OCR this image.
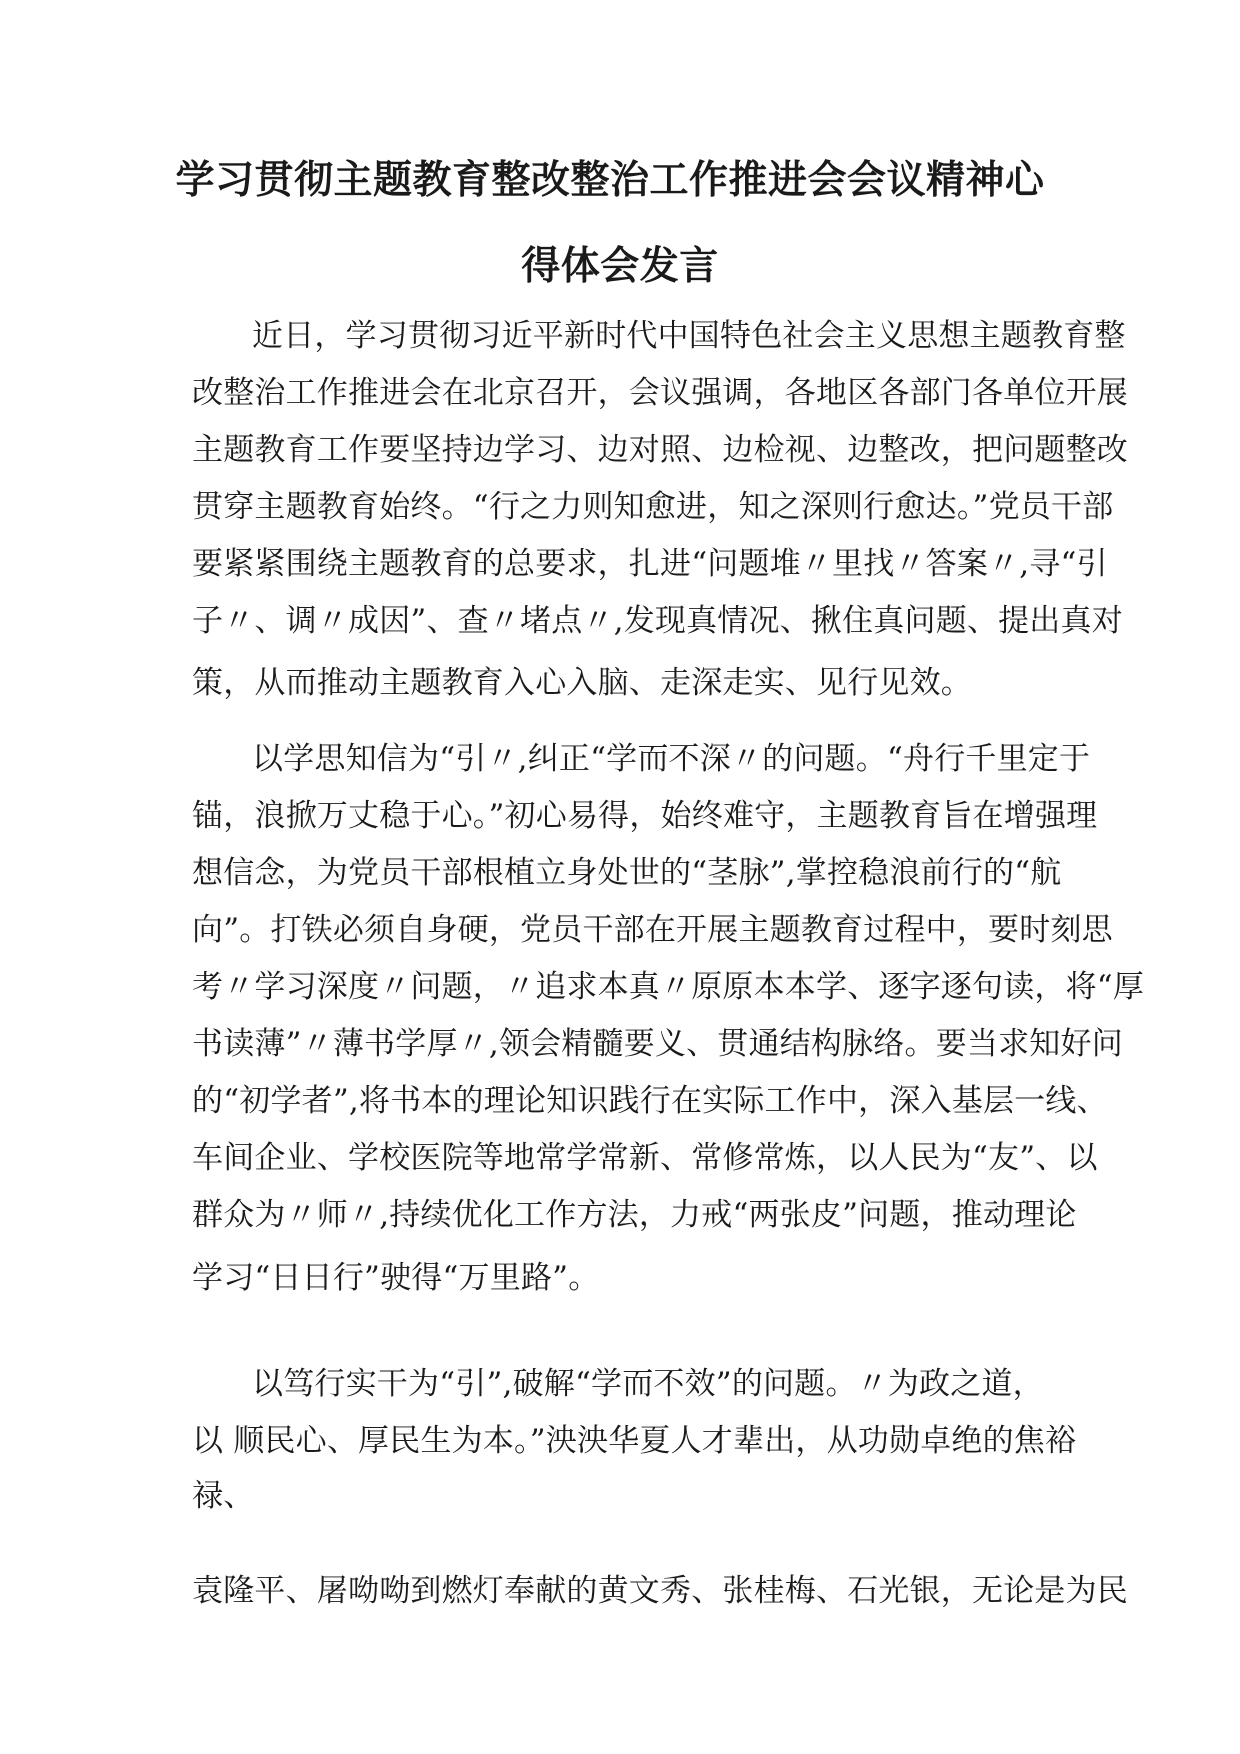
学习贯彻主题教育整改整治工作推进会会议精神心
得体会发言
近日，学习贯彻习近平新时代中国特色社会主义思想主题教育整
改整治工作推进会在北京召开，会议强调，各地区各部门各单位开展
主题教育工作要坚持边学习、边对照、边检视、边整改，把问题整改
贯穿主题教育始终。“行之力则知愈进，知之深则行愈达。”党员干部
要紧紧围绕主题教育的总要求，扎进“问题堆〃里找〃答案〃,寻“引
子〃、调〃成因”、查〃堵点〃,发现真情况、揪住真问题、提出真对
策，从而推动主题教育入心入脑、走深走实、见行见效。
以学思知信为“引〃,纠正“学而不深〃的问题。“舟行千里定于
锚，浪掀万丈稳于心。”初心易得，始终难守，主题教育旨在增强理
想信念，为党员干部根植立身处世的“茎脉”,掌控稳浪前行的“航
向”。打铁必须自身硬，党员干部在开展主题教育过程中，要时刻思
考〃学习深度〃问题，〃追求本真〃原原本本学、逐字逐句读，将“厚
书读薄”〃薄书学厚〃,领会精髓要义、贯通结构脉络。要当求知好问
的“初学者”,将书本的理论知识践行在实际工作中，深入基层一线、
车间企业、学校医院等地常学常新、常修常炼，以人民为“友”、以
群众为〃师〃,持续优化工作方法，力戒“两张皮”问题，推动理论
学习“日日行”驶得“万里路”。
以笃行实干为“引”,破解“学而不效”的问题。〃为政之道，
以 顺民心、厚民生为本。”泱泱华夏人才辈出，从功勋卓绝的焦裕
禄、
袁隆平、屠呦呦到燃灯奉献的黄文秀、张桂梅、石光银，无论是为民
